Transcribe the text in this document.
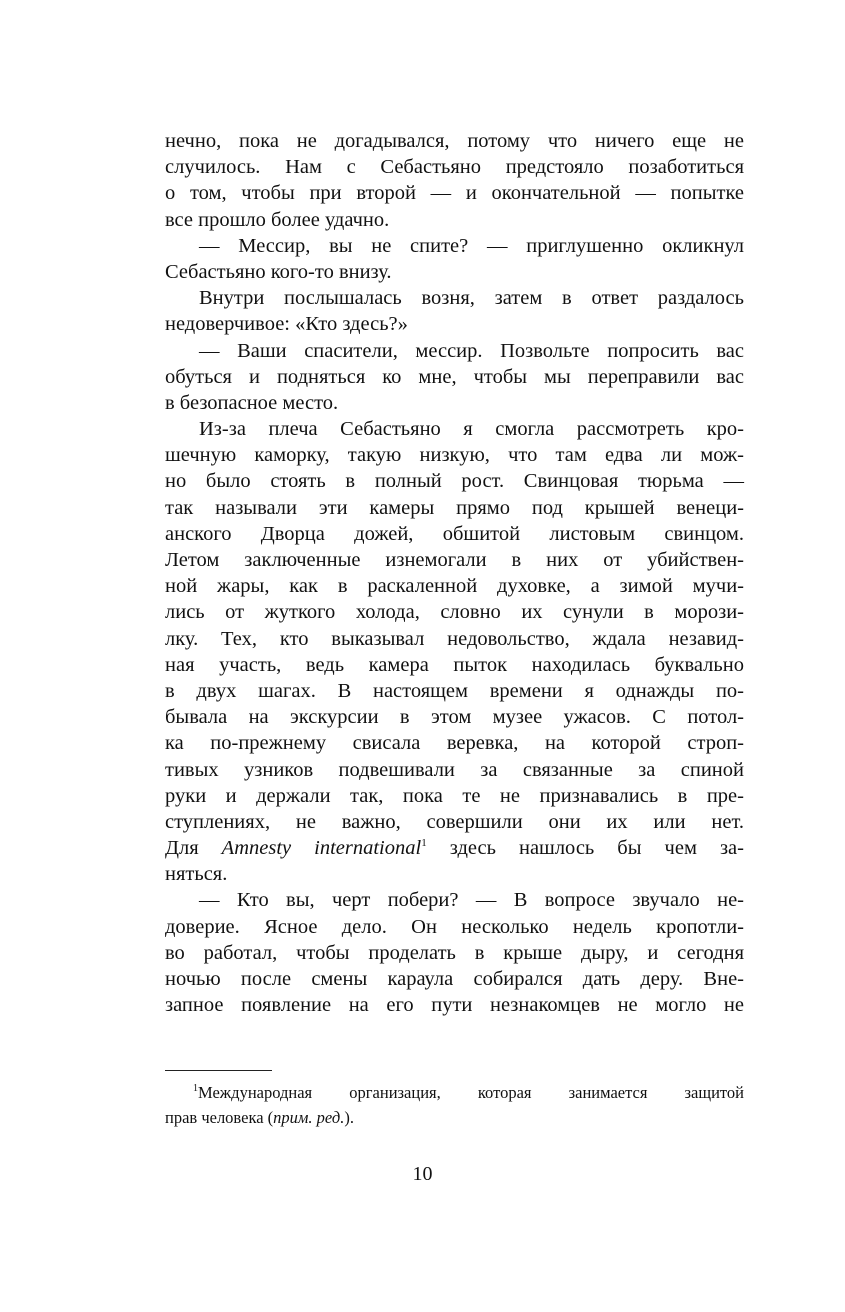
нечно, пока не догадывался, потому что ничего еще не
случилось. Нам с Себастьяно предстояло позаботиться
о том, чтобы при второй — и окончательной — попытке
все прошло более удачно.
— Мессир, вы не спите? — приглушенно окликнул
Себастьяно кого-то внизу.
Внутри послышалась возня, затем в ответ раздалось
недоверчивое: «Кто здесь?»
— Ваши спасители, мессир. Позвольте попросить вас
обуться и подняться ко мне, чтобы мы переправили вас
в безопасное место.
Из-за плеча Себастьяно я смогла рассмотреть кро-
шечную каморку, такую низкую, что там едва ли мож-
но было стоять в полный рост. Свинцовая тюрьма —
так называли эти камеры прямо под крышей венеци-
анского Дворца дожей, обшитой листовым свинцом.
Летом заключенные изнемогали в них от убийствен-
ной жары, как в раскаленной духовке, а зимой мучи-
лись от жуткого холода, словно их сунули в морози-
лку. Тех, кто выказывал недовольство, ждала незавид-
ная участь, ведь камера пыток находилась буквально
в двух шагах. В настоящем времени я однажды по-
бывала на экскурсии в этом музее ужасов. С потол-
ка по-прежнему свисала веревка, на которой строп-
тивых узников подвешивали за связанные за спиной
руки и держали так, пока те не признавались в пре-
ступлениях, не важно, совершили они их или нет.
Для Amnesty international$^1$ здесь нашлось бы чем за-
няться.
— Кто вы, черт побери? — В вопросе звучало не-
доверие. Ясное дело. Он несколько недель кропотли-
во работал, чтобы проделать в крыше дыру, и сегодня
ночью после смены караула собирался дать деру. Вне-
запное появление на его пути незнакомцев не могло не
$^1$Международная организация, которая занимается защитой
прав человека (прим. ред.).
10
